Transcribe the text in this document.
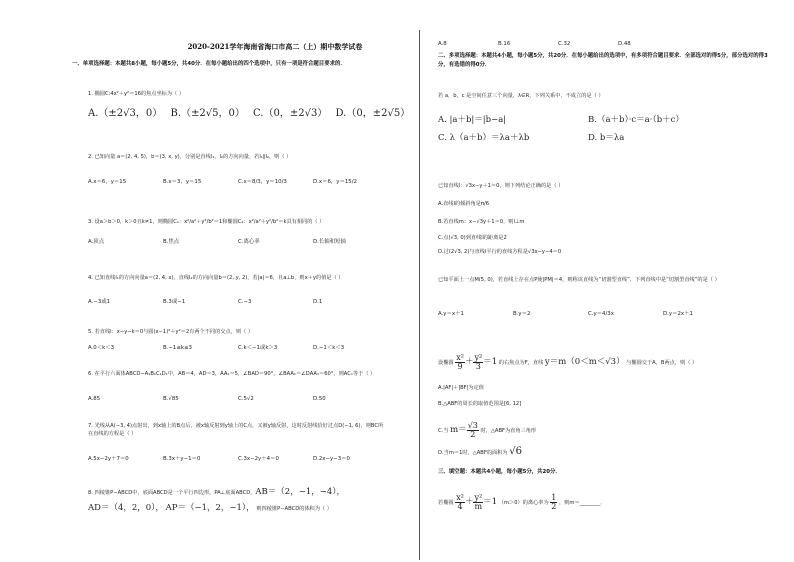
2020-2021学年海南省海口市高二（上）期中数学试卷
一、单项选择题：本题共8小题，每小题5分，共40分．在每小题给出的四个选项中，只有一项是符合题目要求的．
1. 椭圆C:4x²＋y²＝16的焦点坐标为（ ）
A.（±2√3，0） B.（±2√5，0） C.（0，±2√3） D.（0，±2√5）
2. 已知向量 a＝(2, 4, 5)，b＝(3, x, y)，分别是直线l₁、l₂的方向向量，若l₁∥l₂，则（ ）
A.x＝6，y＝15	B.x＝3，y＝15	C.x＝8/3，y＝10/3	D.x＝6，y＝15/2
3. 设a＞b＞0，k＞0且k≠1，则椭圆C₁：x²/a²＋y²/b²＝1和椭圆C₂：x²/a²＋y²/b²＝k具有相同的（ ）
A.顶点	B.焦点	C.离心率	D.长轴和短轴
4. 已知直线l₁的方向向量a＝(2, 4, x)，直线l₂的方向向量b＝(2, y, 2)，若|a|＝6，且a⊥b，则x＋y的值是（ ）
A.−3或1	B.3或−1	C.−3	D.1
5. 若直线l：x−y−k＝0与圆(x−1)²＋y²＝2有两个不同的交点，则（ ）
A.0＜k＜3	B.−1≤k≤3	C.k＜−1或k＞3	D.−1＜k＜3
6. 在平行六面体ABCD−A₁B₁C₁D₁中，AB＝4，AD＝3，AA₁＝5，∠BAD＝90°，∠BAA₁＝∠DAA₁＝60°，则AC₁等于（ ）
A.85	B.√85	C.5√2	D.50
7. 光线从A(−3, 4)点射出，到x轴上的B点后，被x轴反射到y轴上的C点，又被y轴反射，这时反射线恰好过点D(−1, 6)，则BC所在直线的方程是（ ）
A.5x−2y＋7＝0	B.3x＋y−1＝0	C.3x−2y＋4＝0	D.2x−y−3＝0
8. 四棱锥P−ABCD中，底面ABCD是一个平行四边形，PA⊥底面ABCD，AB＝（2，−1，−4），
AD＝（4，2，0）， AP＝（−1，2，−1）， 则四棱锥P−ABCD的体积为（ ）
A.8	B.16	C.32	D.48
二、多项选择题：本题共4小题，每小题5分，共20分．在每小题给出的选项中，有多项符合题目要求．全部选对的得5分，部分选对的得3分，有选错的得0分．
若 a，b，c 是空间任意三个向量，λ∈R，下列关系中，不成立的是（ ）
A. |a＋b|＝|b−a|	B.（a＋b）·c＝a·（b＋c）
C. λ（a＋b）＝λa＋λb	D. b＝λa
已知直线l：√3x−y＋1＝0，则下列结论正确的是（ ）
A.直线l的倾斜角是π/6
B.若直线m：x−√3y＋1＝0，则l⊥m
C.点(√3, 0)到直线l的距离是2
D.过(2√3, 2)与直线l平行的直线方程是√3x−y−4＝0
已知平面上一点M(5, 0)，若直线上存在点P使|PM|＝4，则称该直线为“切割型直线”，下列直线中是“切割型直线”的是（ ）
A.y＝x＋1	B.y＝2	C.y＝4/3x	D.y＝2x＋1
设椭圆 $\frac{\text{x²}}{9} + \frac{\text{y²}}{3} =1$ 的右焦点为F，直线 y＝m（0＜m＜√3） 与椭圆交于A，B两点，则（ ）
A.|AF|＋|BF|为定值
B.△ABF的周长的取值范围是[6, 12]
C.当 $m= \frac{√3}{2}$ 时，△ABF为直角三角形
D.当m＝1时，△ABF的面积为 √6
三、填空题：本题共4小题，每小题5分，共20分．
若椭圆 $\frac{\text{x²}}{4} + \frac{\text{y²}}{m} =1$ （m＞0）的离心率为 $\frac{1}{2}$ ，则m＝________．
